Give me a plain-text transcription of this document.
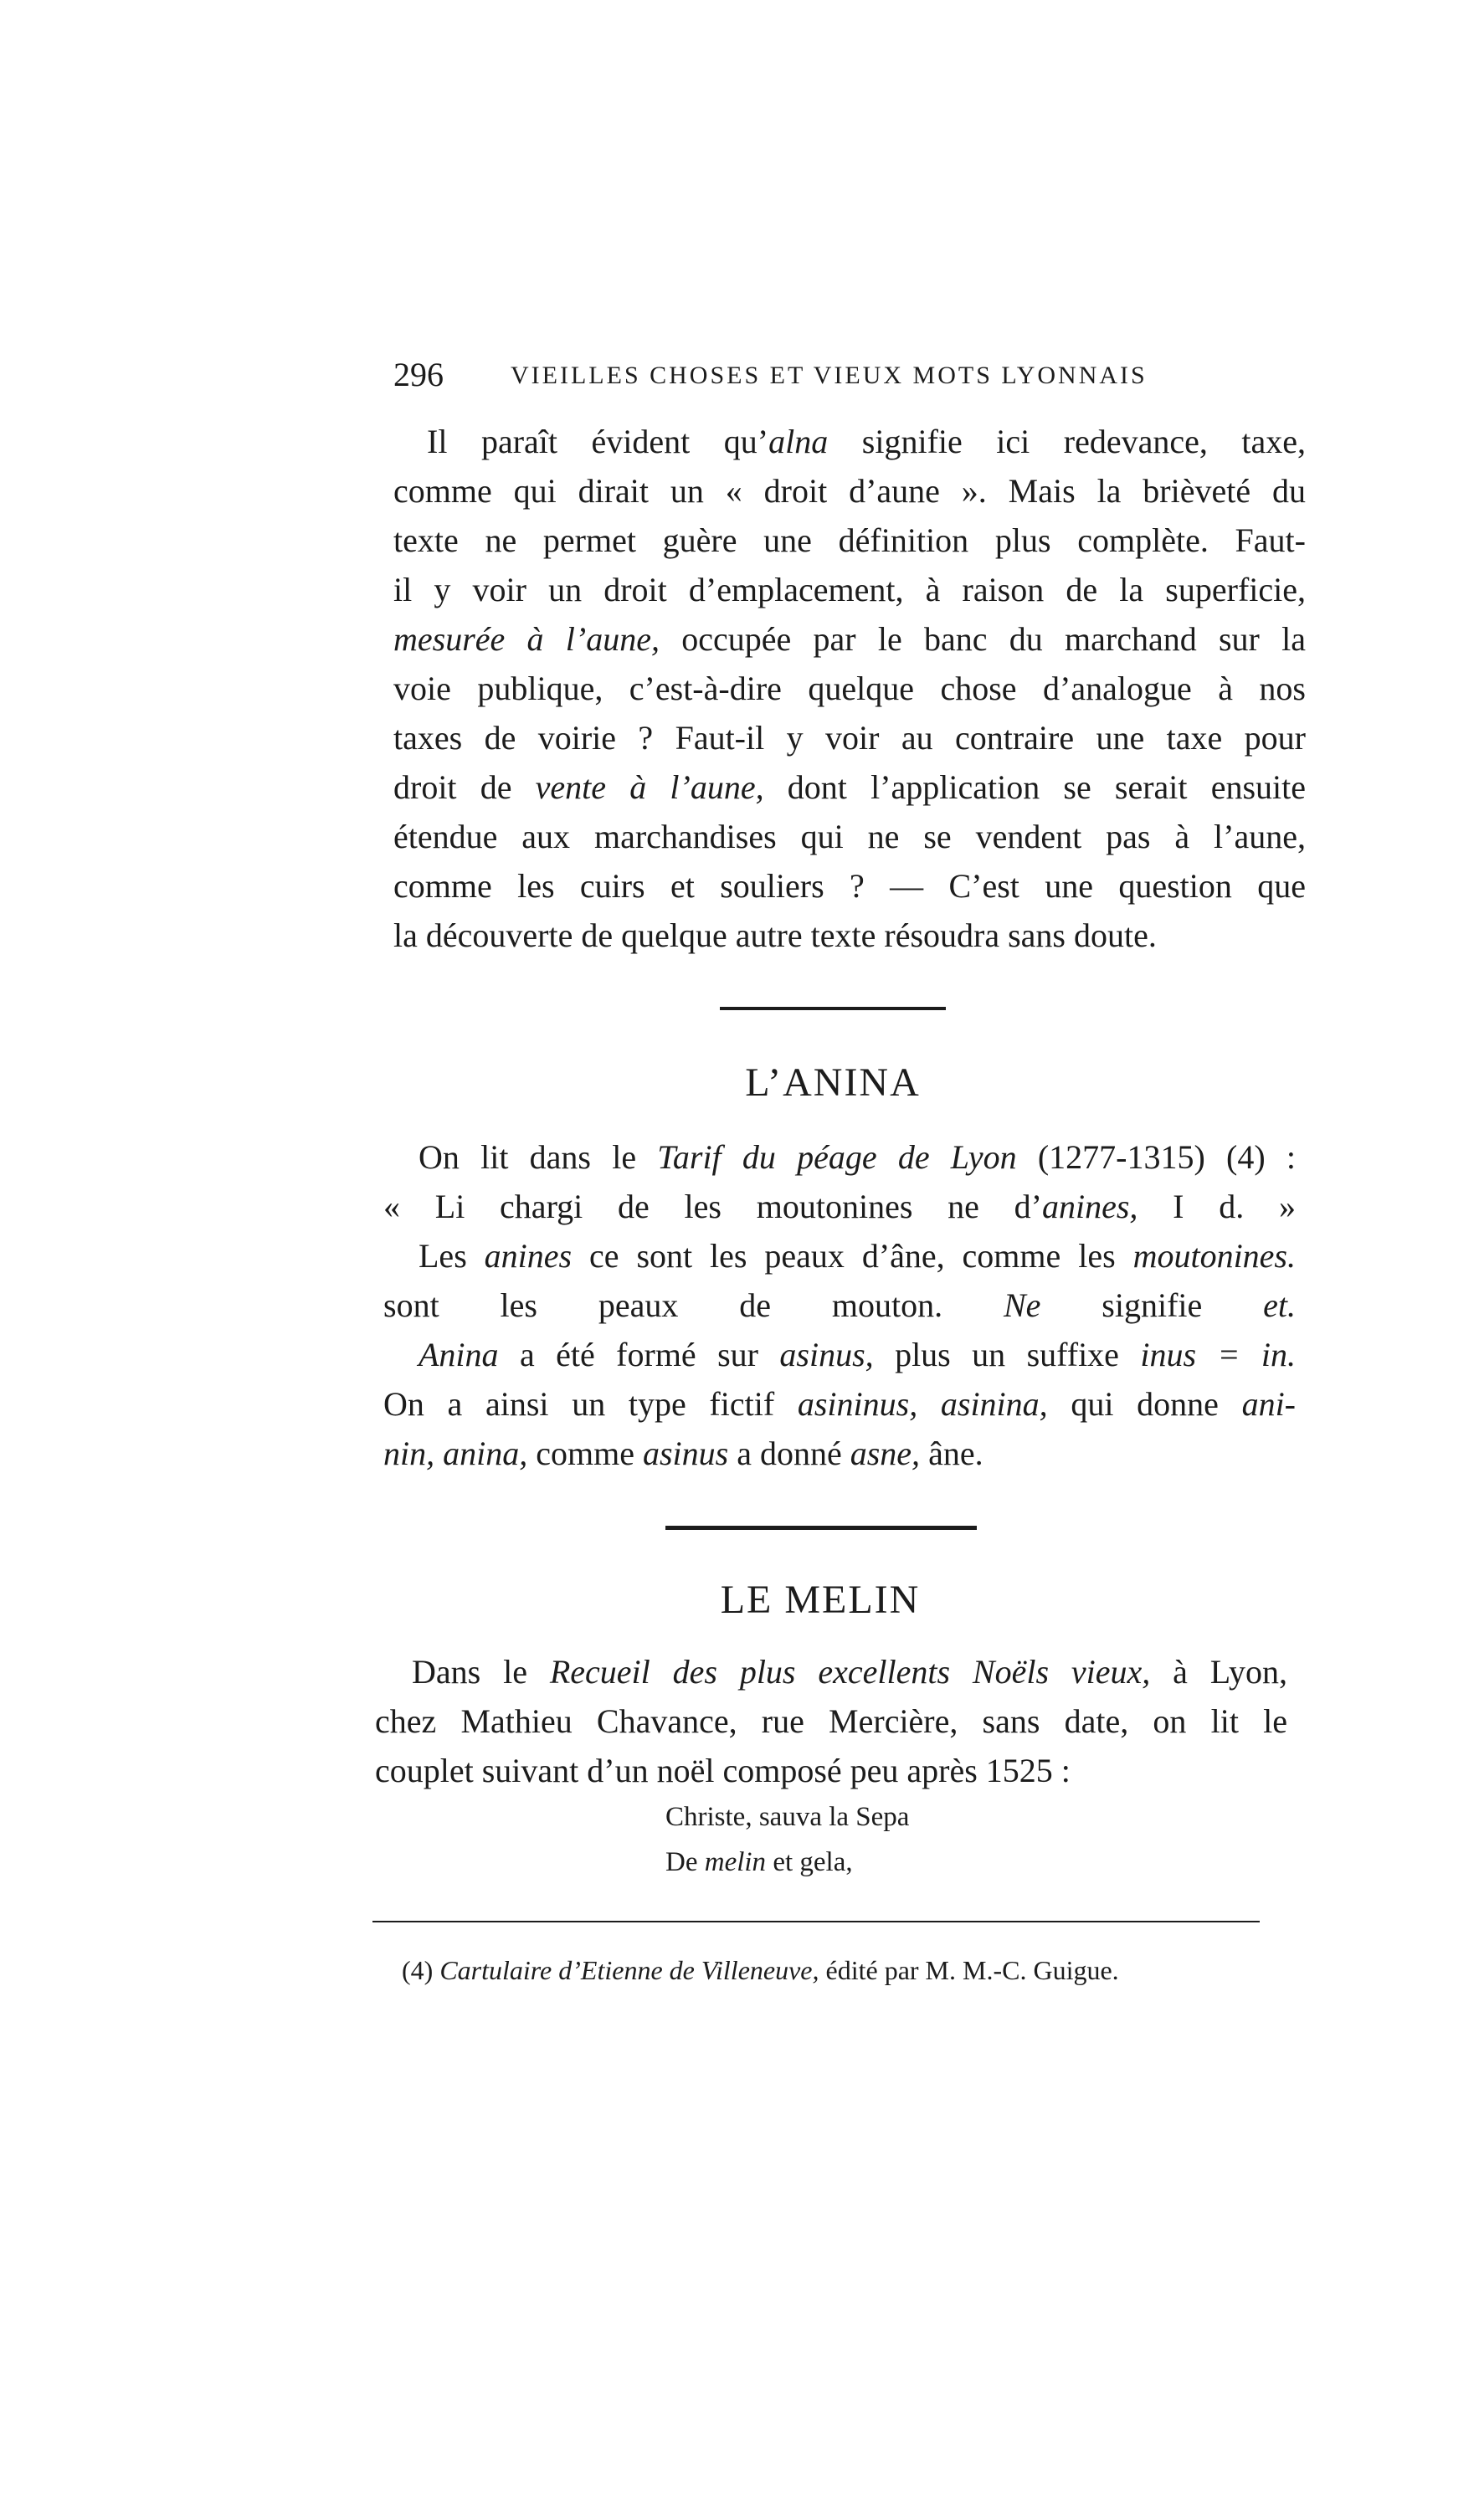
296	VIEILLES CHOSES ET VIEUX MOTS LYONNAIS
Il paraît évident qu’alna signifie ici redevance, taxe,
comme qui dirait un « droit d’aune ». Mais la brièveté du
texte ne permet guère une définition plus complète. Faut-
il y voir un droit d’emplacement, à raison de la superficie,
mesurée à l’aune, occupée par le banc du marchand sur la
voie publique, c’est-à-dire quelque chose d’analogue à nos
taxes de voirie ? Faut-il y voir au contraire une taxe pour
droit de vente à l’aune, dont l’application se serait ensuite
étendue aux marchandises qui ne se vendent pas à l’aune,
comme les cuirs et souliers ? — C’est une question que
la découverte de quelque autre texte résoudra sans doute.
L’ANINA
On lit dans le Tarif du péage de Lyon (1277-1315) (4) :
« Li chargi de les moutonines ne d’anines, I d. »
Les anines ce sont les peaux d’âne, comme les moutonines.
sont les peaux de mouton. Ne signifie et.
Anina a été formé sur asinus, plus un suffixe inus = in.
On a ainsi un type fictif asininus, asinina, qui donne ani-
nin, anina, comme asinus a donné asne, âne.
LE MELIN
Dans le Recueil des plus excellents Noëls vieux, à Lyon,
chez Mathieu Chavance, rue Mercière, sans date, on lit le
couplet suivant d’un noël composé peu après 1525 :
Christe, sauva la Sepa
De melin et gela,
(4) Cartulaire d’Etienne de Villeneuve, édité par M. M.-C. Guigue.
